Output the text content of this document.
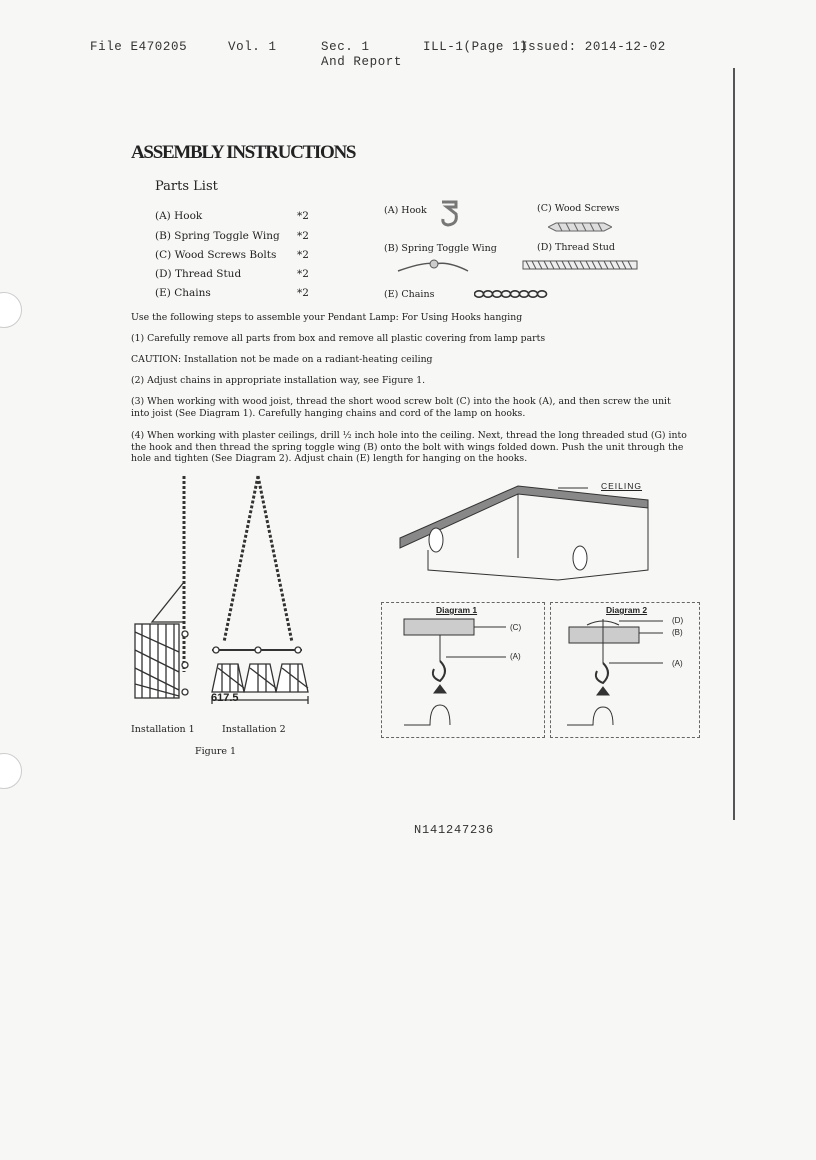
File E470205	Vol. 1	Sec. 1
And Report
ILL-1(Page 1)
Issued: 2014-12-02
ASSEMBLY INSTRUCTIONS
Parts List
(A) Hook	*2
(B) Spring Toggle Wing *2
(C) Wood Screws Bolts *2
(D) Thread Stud	*2
(E) Chains	*2
(A) Hook	(C) Wood Screws
(B) Spring Toggle Wing	(D) Thread Stud
(E) Chains
Use the following steps to assemble your Pendant Lamp: For Using Hooks hanging
(1) Carefully remove all parts from box and remove all plastic covering from lamp parts
CAUTION: Installation not be made on a radiant-heating ceiling
(2) Adjust chains in appropriate installation way, see Figure 1.
(3) When working with wood joist, thread the short wood screw bolt (C) into the hook (A), and then screw the unit into joist (See Diagram 1). Carefully hanging chains and cord of the lamp on hooks.
(4) When working with plaster ceilings, drill ½ inch hole into the ceiling. Next, thread the long threaded stud (G) into the hook and then thread the spring toggle wing (B) onto the bolt with wings folded down. Push the unit through the hole and tighten (See Diagram 2). Adjust chain (E) length for hanging on the hooks.
617.5
Installation 1	Installation 2
Figure 1
CEILING
Diagram 1
(C)
(A)
Diagram 2
(D)
(B)
(A)
N141247236
